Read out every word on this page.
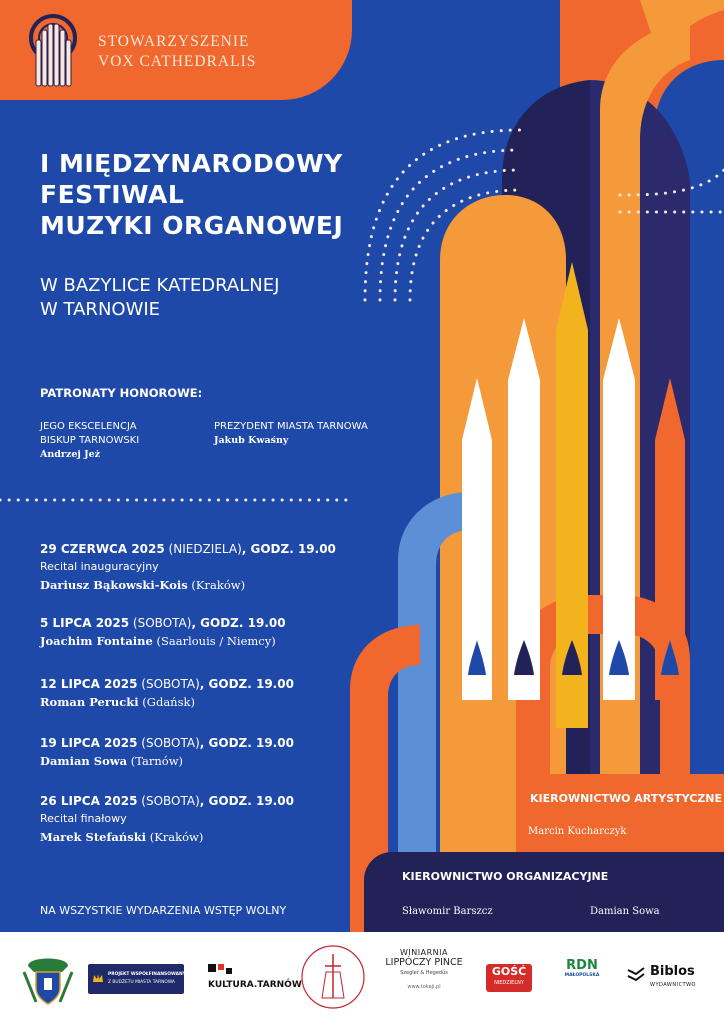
STOWARZYSZENIE
VOX CATHEDRALIS
I MIĘDZYNARODOWY
FESTIWAL
MUZYKI ORGANOWEJ
W BAZYLICE KATEDRALNEJ
W TARNOWIE
PATRONATY HONOROWE:
JEGO EKSCELENCJA
BISKUP TARNOWSKI
Andrzej Jeż
PREZYDENT MIASTA TARNOWA
Jakub Kwaśny
29 CZERWCA 2025 (NIEDZIELA), GODZ. 19.00
Recital inauguracyjny
Dariusz Bąkowski-Kois (Kraków)
5 LIPCA 2025 (SOBOTA), GODZ. 19.00
Joachim Fontaine (Saarlouis / Niemcy)
12 LIPCA 2025 (SOBOTA), GODZ. 19.00
Roman Perucki (Gdańsk)
19 LIPCA 2025 (SOBOTA), GODZ. 19.00
Damian Sowa (Tarnów)
26 LIPCA 2025 (SOBOTA), GODZ. 19.00
Recital finałowy
Marek Stefański (Kraków)
NA WSZYSTKIE WYDARZENIA WSTĘP WOLNY
KIEROWNICTWO ARTYSTYCZNE
Marcin Kucharczyk
KIEROWNICTWO ORGANIZACYJNE
Sławomir Barszcz	Damian Sowa
PROJEKT WSPÓŁFINANSOWANY
Z BUDŻETU MIASTA TARNOWA	KULTURA.TARNÓW
WINIARNIA
LIPPÓCZY PINCE
Szegler & Hegedűs
www.tokaji.pl
GOŚĆ
NIEDZIELNY
RDN
MAŁOPOLSKA	Biblos
WYDAWNICTWO
